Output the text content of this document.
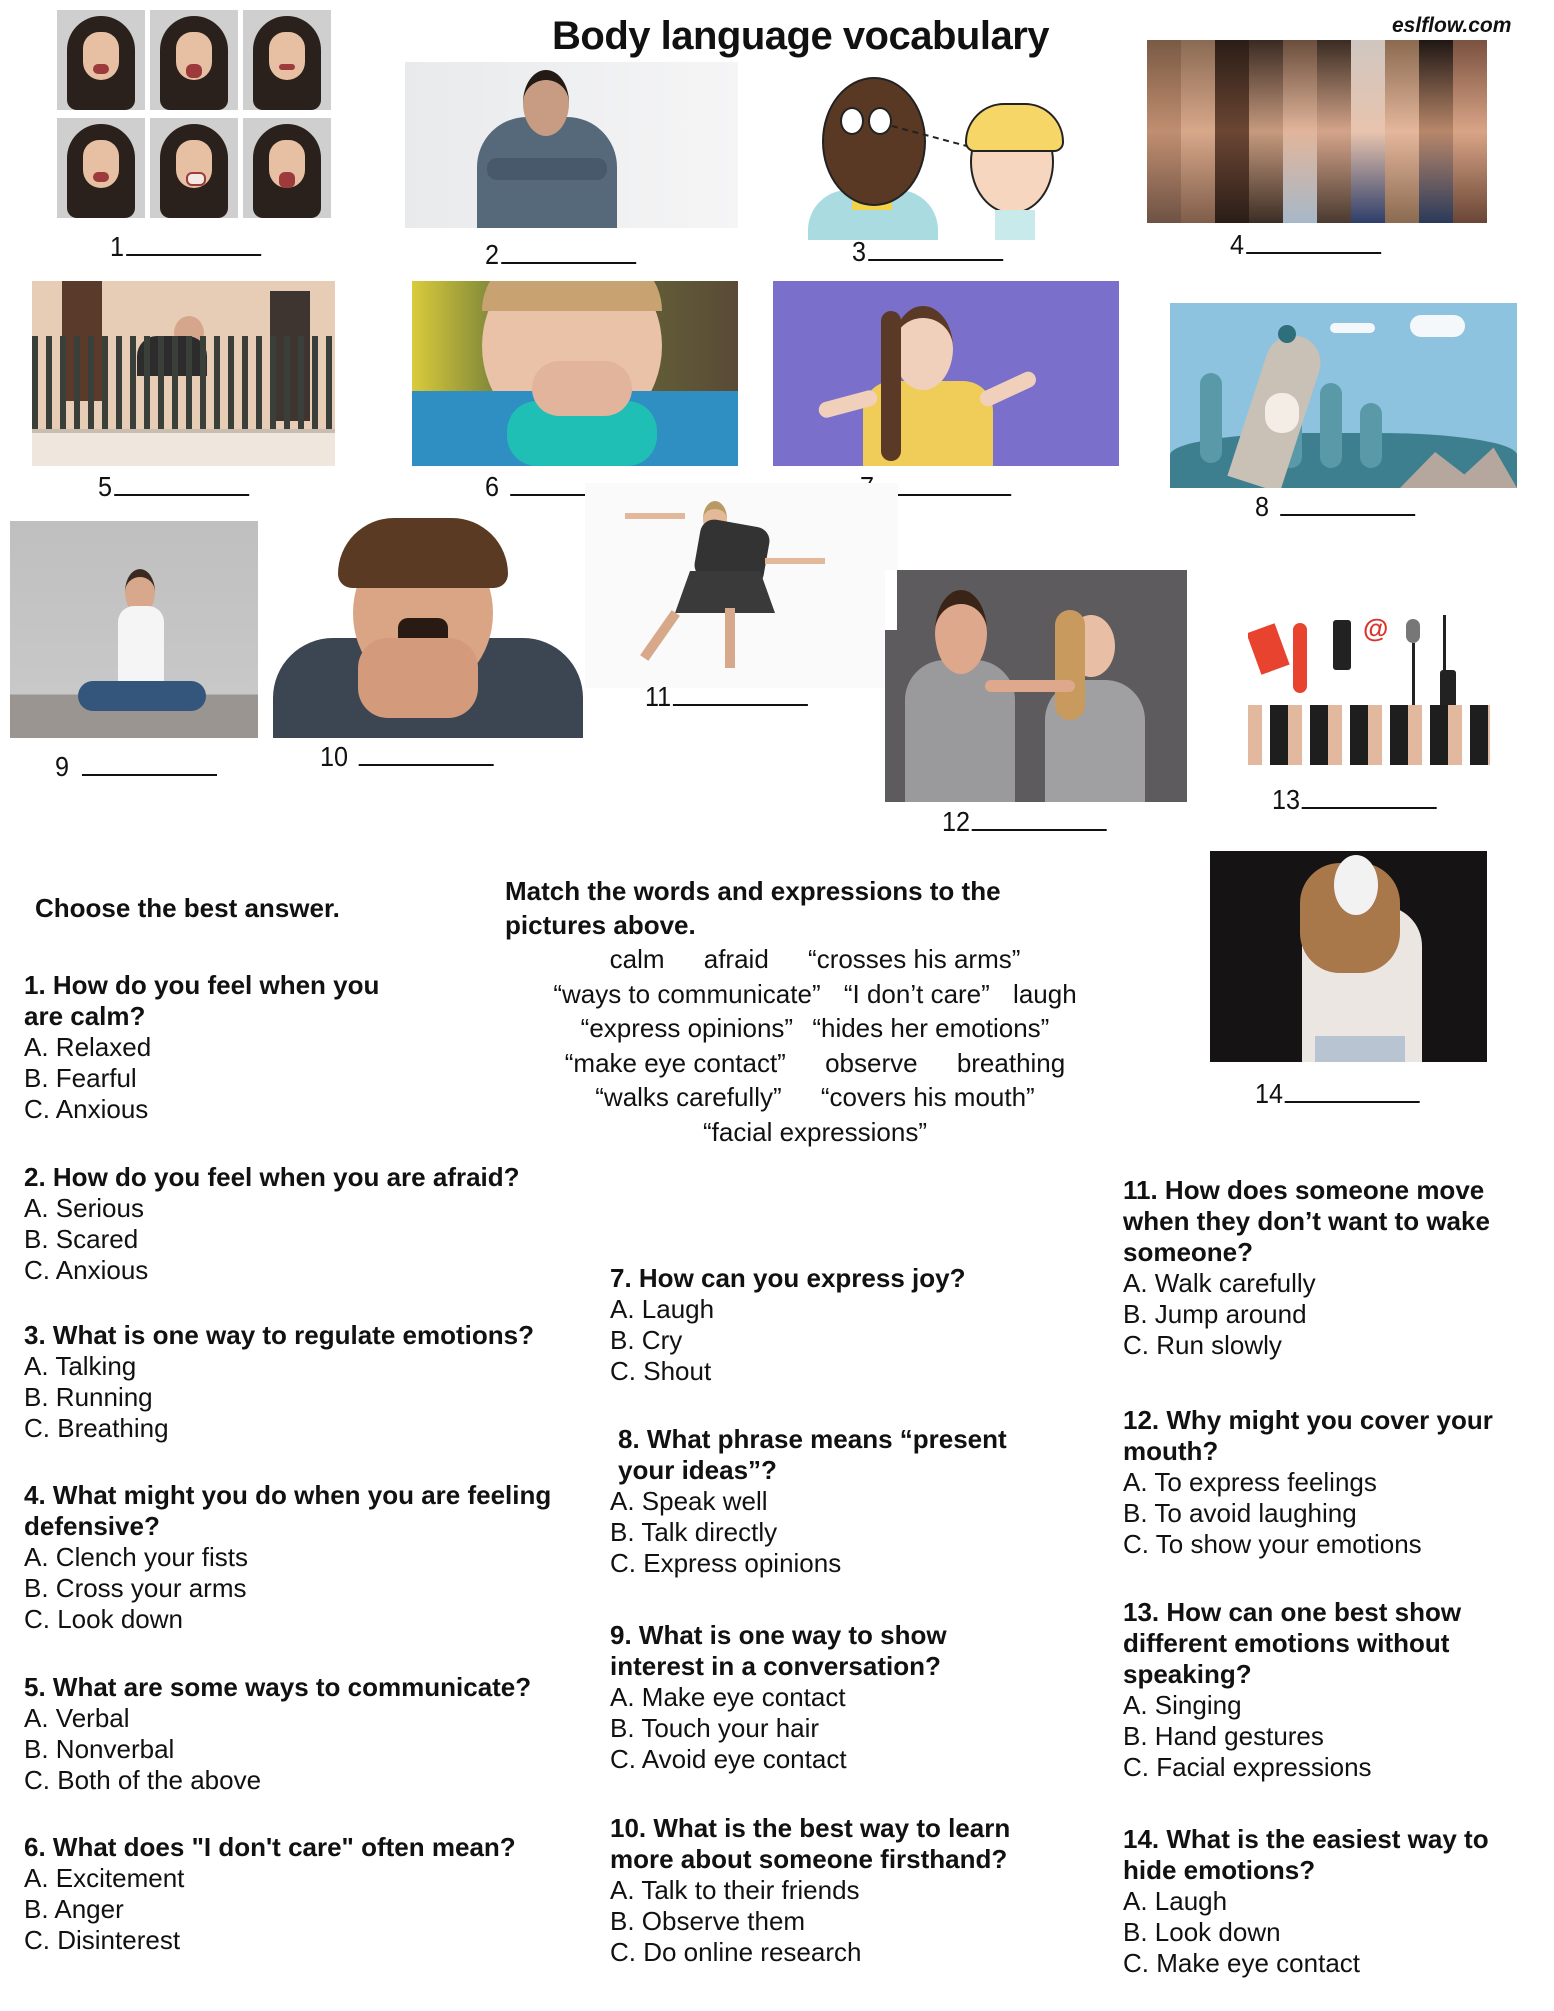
Body language vocabulary	eslflow.com
1	2	3	4
5	6
8
9	10
11
12
@
13
14
Match the words and expressions to the pictures above.
calm afraid “crosses his arms”
“ways to communicate” “I don’t care” laugh
“express opinions” “hides her emotions”
“make eye contact” observe breathing
“walks carefully” “covers his mouth”
“facial expressions”
Choose the best answer.
1. How do you feel when you are calm?
A. Relaxed
B. Fearful
C. Anxious
2. How do you feel when you are afraid?
A. Serious
B. Scared
C. Anxious
3. What is one way to regulate emotions?
A. Talking
B. Running
C. Breathing
4. What might you do when you are feeling defensive?
A. Clench your fists
B. Cross your arms
C. Look down
5. What are some ways to communicate?
A. Verbal
B. Nonverbal
C. Both of the above
6. What does "I don't care" often mean?
A. Excitement
B. Anger
C. Disinterest
7. How can you express joy?
A. Laugh
B. Cry
C. Shout
8. What phrase means “present your ideas”?
A. Speak well
B. Talk directly
C. Express opinions
9. What is one way to show interest in a conversation?
A. Make eye contact
B. Touch your hair
C. Avoid eye contact
10. What is the best way to learn more about someone firsthand?
A. Talk to their friends
B. Observe them
C. Do online research
11. How does someone move when they don’t want to wake someone?
A. Walk carefully
B. Jump around
C. Run slowly
12. Why might you cover your mouth?
A. To express feelings
B. To avoid laughing
C. To show your emotions
13. How can one best show different emotions without speaking?
A. Singing
B. Hand gestures
C. Facial expressions
14. What is the easiest way to hide emotions?
A. Laugh
B. Look down
C. Make eye contact
